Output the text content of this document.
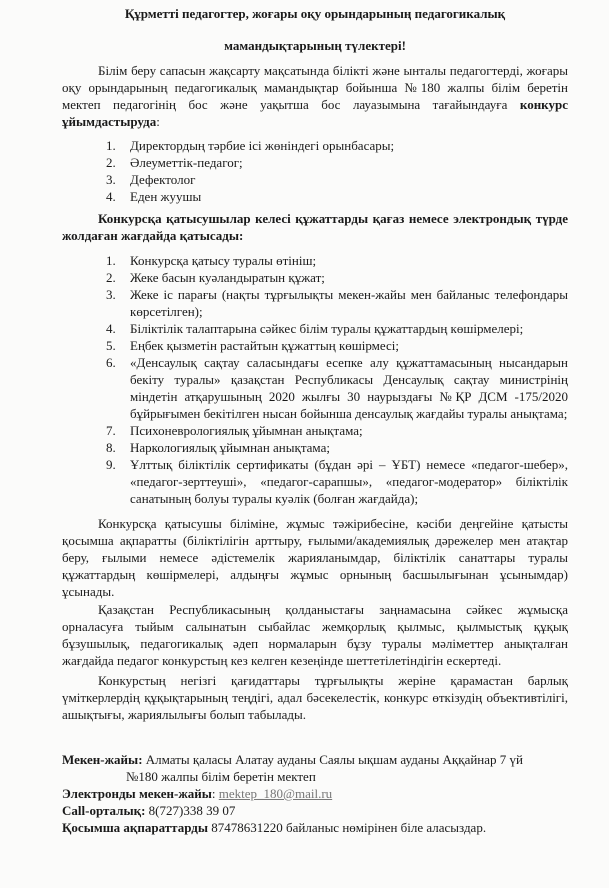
Құрметті педагогтер, жоғары оқу орындарының педагогикалық
мамандықтарының түлектері!
Білім беру сапасын жақсарту мақсатында білікті және ынталы педагогтерді, жоғары оқу орындарының педагогикалық мамандықтар бойынша №180 жалпы білім беретін мектеп педагогінің бос және уақытша бос лауазымына тағайындауға конкурс ұйымдастыруда:
1. Директордың тәрбие ісі жөніндегі орынбасары;
2. Әлеуметтік-педагог;
3. Дефектолог
4. Еден жуушы
Конкурсқа қатысушылар келесі құжаттарды қағаз немесе электрондық түрде жолдаған жағдайда қатысады:
1. Конкурсқа қатысу туралы өтініш;
2. Жеке басын куәландыратын құжат;
3. Жеке іс парағы (нақты тұрғылықты мекен-жайы мен байланыс телефондары көрсетілген);
4. Біліктілік талаптарына сәйкес білім туралы құжаттардың көшірмелері;
5. Еңбек қызметін растайтын құжаттың көшірмесі;
6. «Денсаулық сақтау саласындағы есепке алу құжаттамасының нысандарын бекіту туралы» қазақстан Республикасы Денсаулық сақтау министрінің міндетін атқарушының 2020 жылғы 30 наурыздағы №ҚР ДСМ -175/2020 бұйрығымен бекітілген нысан бойынша денсаулық жағдайы туралы анықтама;
7. Психоневрологиялық ұйымнан анықтама;
8. Наркологиялық ұйымнан анықтама;
9. Ұлттық біліктілік сертификаты (бұдан әрі – ҰБТ) немесе «педагог-шебер», «педагог-зерттеуші», «педагог-сарапшы», «педагог-модератор» біліктілік санатының болуы туралы куәлік (болған жағдайда);
Конкурсқа қатысушы біліміне, жұмыс тәжірибесіне, кәсіби деңгейіне қатысты қосымша ақпаратты (біліктілігін арттыру, ғылыми/академиялық дәрежелер мен атақтар беру, ғылыми немесе әдістемелік жарияланымдар, біліктілік санаттары туралы құжаттардың көшірмелері, алдыңғы жұмыс орнының басшылығынан ұсынымдар) ұсынады.
Қазақстан Республикасының қолданыстағы заңнамасына сәйкес жұмысқа орналасуға тыйым салынатын сыбайлас жемқорлық қылмыс, қылмыстық құқық бұзушылық, педагогикалық әдеп нормаларын бұзу туралы мәліметтер анықталған жағдайда педагог конкурстың кез келген кезеңінде шеттетілетіндігін ескертеді.
Конкурстың негізгі қағидаттары тұрғылықты жеріне қарамастан барлық үміткерлердің құқықтарының теңдігі, адал бәсекелестік, конкурс өткізудің объективтілігі, ашықтығы, жариялылығы болып табылады.
Мекен-жайы: Алматы қаласы Алатау ауданы Саялы ықшам ауданы Аққайнар 7 үй
№180 жалпы білім беретін мектеп
Электронды мекен-жайы: mektep_180@mail.ru
Call-орталық: 8(727)338 39 07
Қосымша ақпараттарды 87478631220 байланыс нөмірінен біле аласыздар.
